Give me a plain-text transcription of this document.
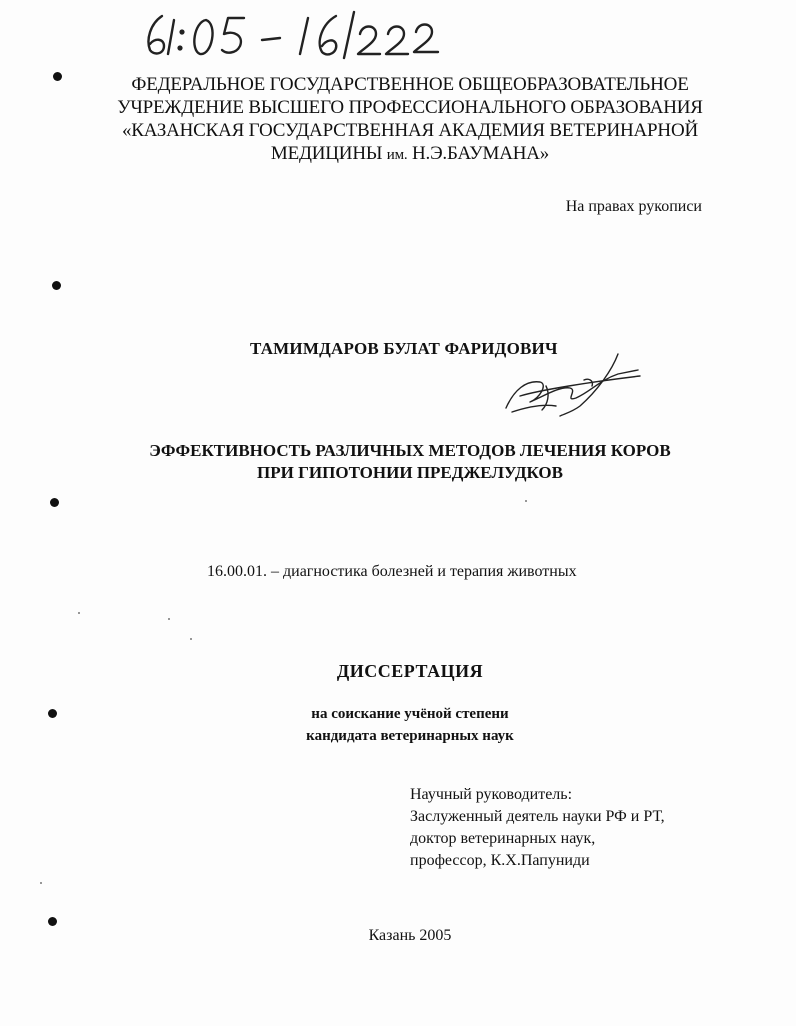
ФЕДЕРАЛЬНОЕ ГОСУДАРСТВЕННОЕ ОБЩЕОБРАЗОВАТЕЛЬНОЕ
УЧРЕЖДЕНИЕ ВЫСШЕГО ПРОФЕССИОНАЛЬНОГО ОБРАЗОВАНИЯ
«КАЗАНСКАЯ ГОСУДАРСТВЕННАЯ АКАДЕМИЯ ВЕТЕРИНАРНОЙ
МЕДИЦИНЫ им. Н.Э.БАУМАНА»
На правах рукописи
ТАМИМДАРОВ БУЛАТ ФАРИДОВИЧ
ЭФФЕКТИВНОСТЬ РАЗЛИЧНЫХ МЕТОДОВ ЛЕЧЕНИЯ КОРОВ
ПРИ ГИПОТОНИИ ПРЕДЖЕЛУДКОВ
16.00.01. – диагностика болезней и терапия животных
ДИССЕРТАЦИЯ
на соискание учёной степени
кандидата ветеринарных наук
Научный руководитель:
Заслуженный деятель науки РФ и РТ,
доктор ветеринарных наук,
профессор, К.Х.Папуниди
Казань 2005
